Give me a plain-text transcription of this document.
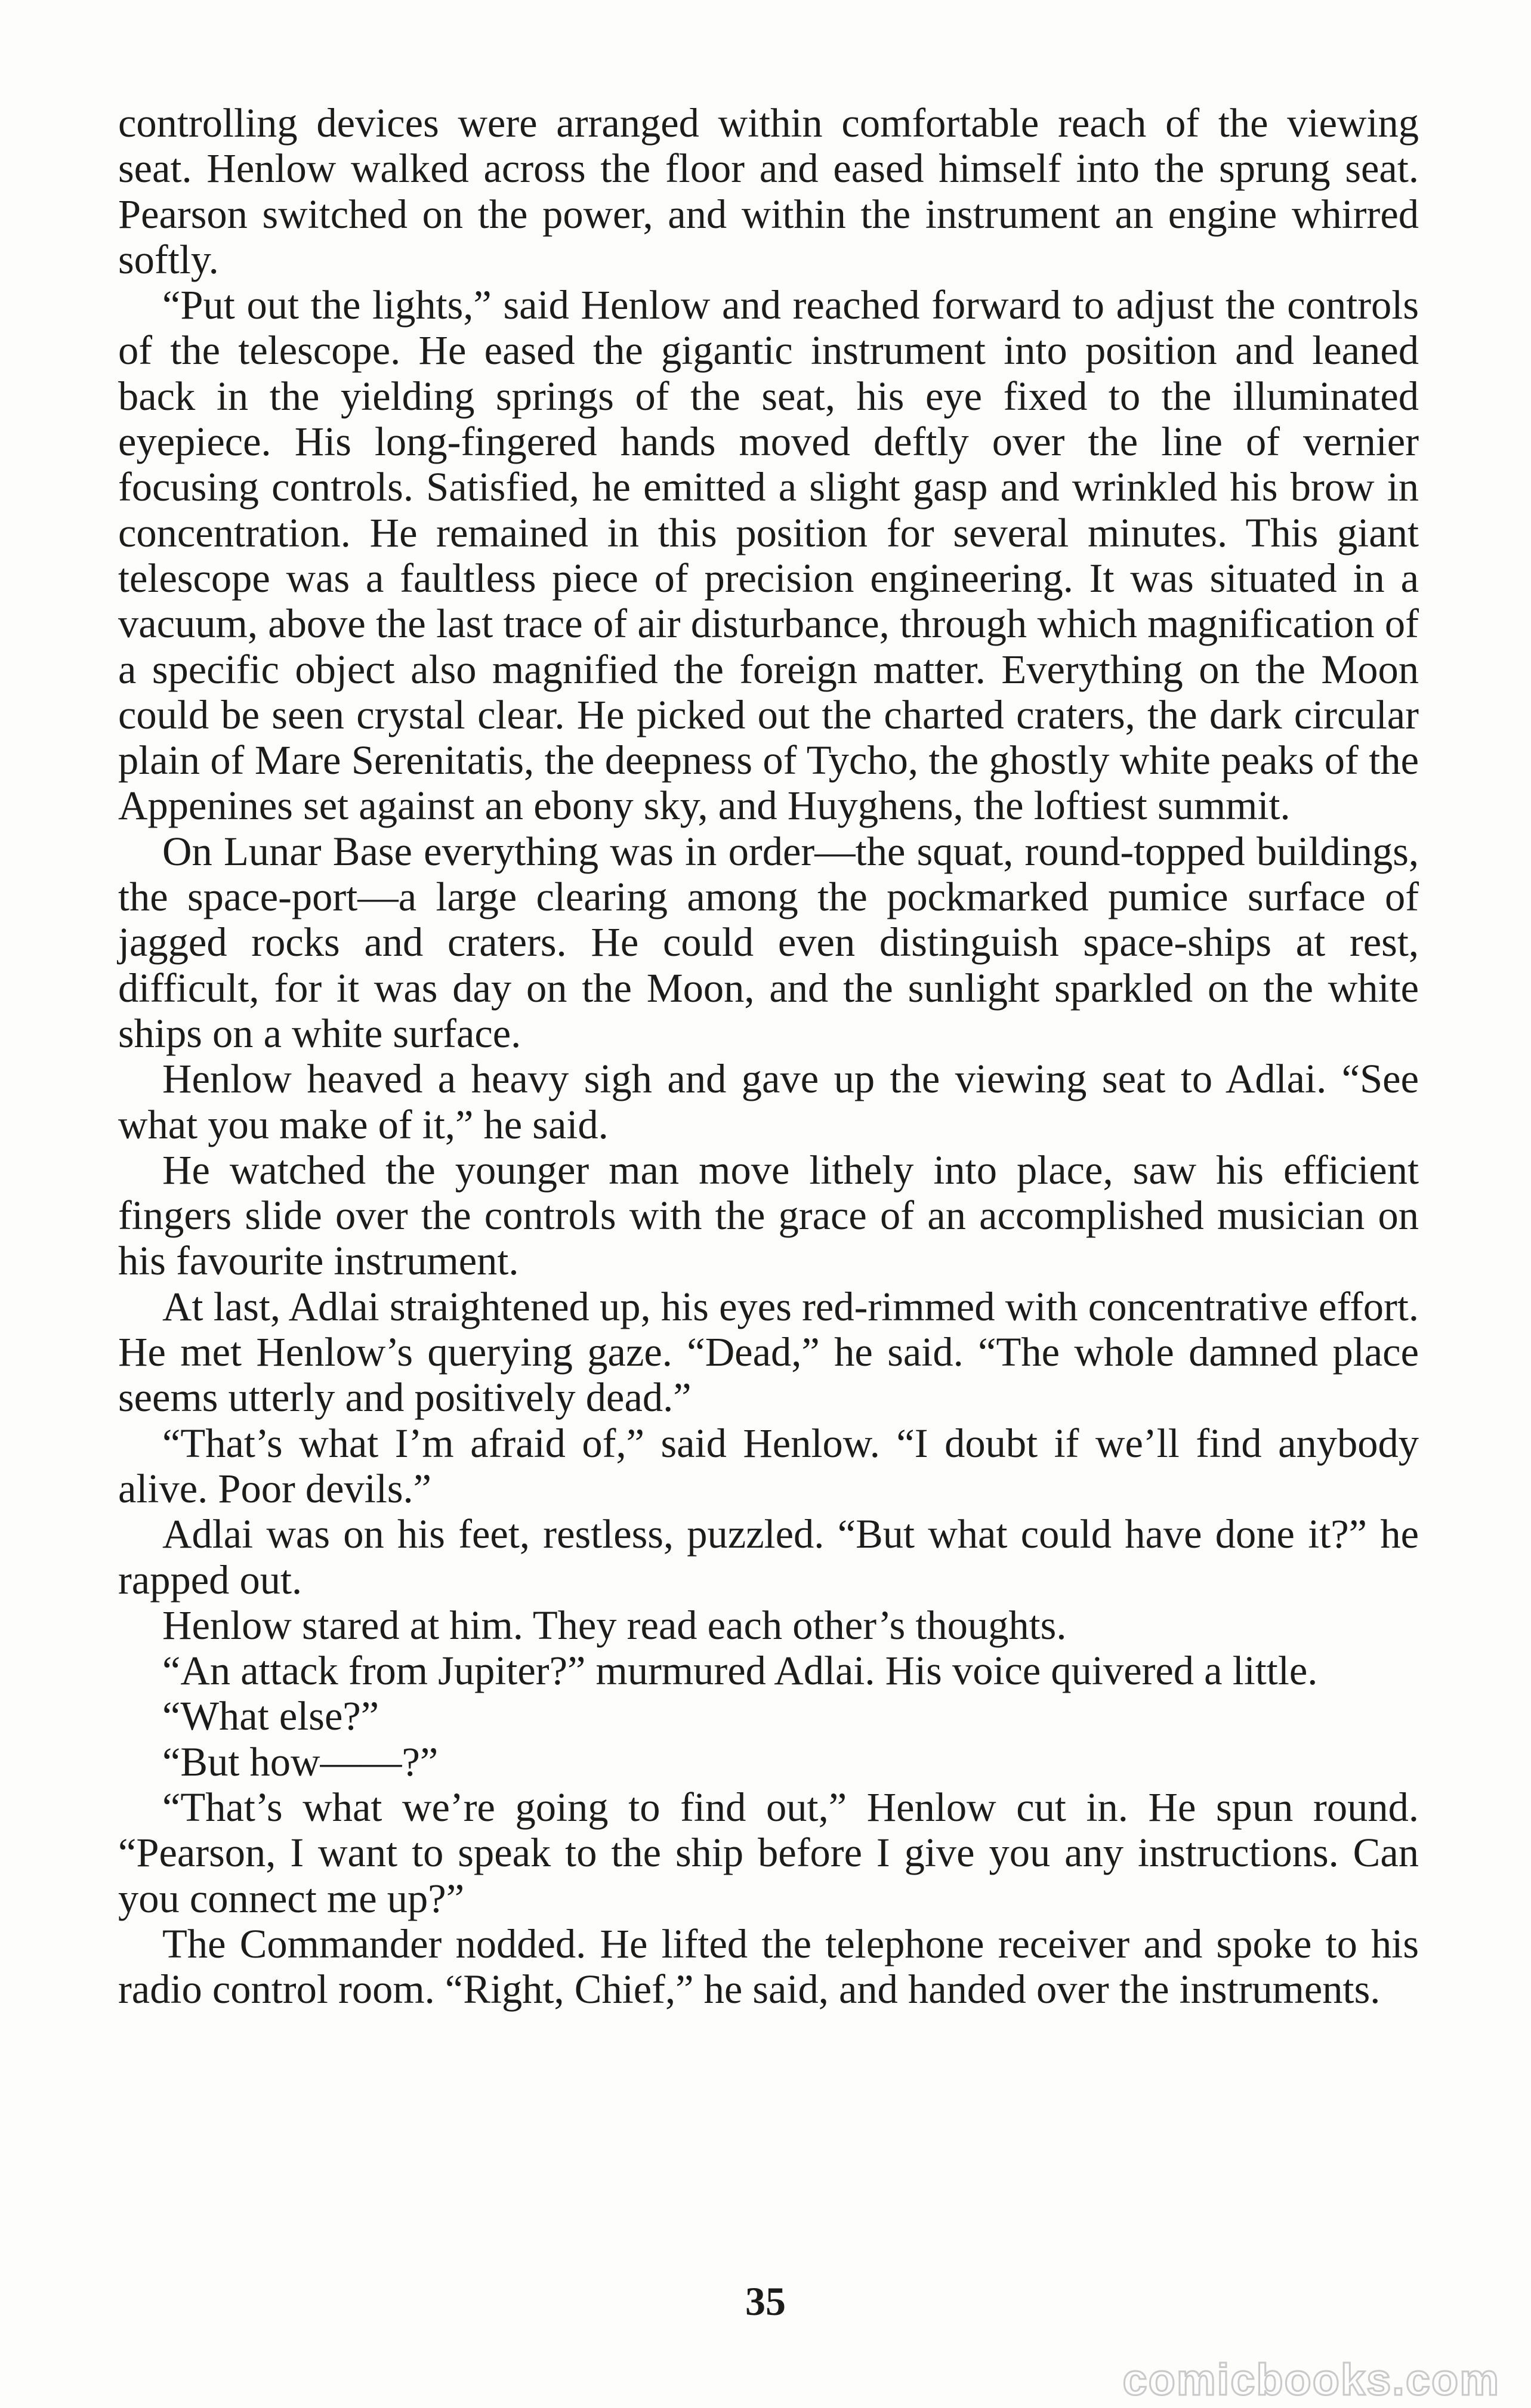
controlling devices were arranged within comfortable reach of the viewing seat. Henlow walked across the floor and eased himself into the sprung seat. Pearson switched on the power, and within the instrument an engine whirred softly.

“Put out the lights,” said Henlow and reached forward to adjust the controls of the telescope. He eased the gigantic instrument into position and leaned back in the yielding springs of the seat, his eye fixed to the illuminated eyepiece. His long-fingered hands moved deftly over the line of vernier focusing controls. Satisfied, he emitted a slight gasp and wrinkled his brow in concentration. He remained in this position for several minutes. This giant telescope was a faultless piece of precision engineering. It was situated in a vacuum, above the last trace of air disturbance, through which magnification of a specific object also magnified the foreign matter. Everything on the Moon could be seen crystal clear. He picked out the charted craters, the dark circular plain of Mare Serenitatis, the deepness of Tycho, the ghostly white peaks of the Appenines set against an ebony sky, and Huyghens, the loftiest summit.

On Lunar Base everything was in order—the squat, round-topped buildings, the space-port—a large clearing among the pockmarked pumice surface of jagged rocks and craters. He could even distinguish space-ships at rest, difficult, for it was day on the Moon, and the sunlight sparkled on the white ships on a white surface.

Henlow heaved a heavy sigh and gave up the viewing seat to Adlai. “See what you make of it,” he said.

He watched the younger man move lithely into place, saw his efficient fingers slide over the controls with the grace of an accomplished musician on his favourite instrument.

At last, Adlai straightened up, his eyes red-rimmed with concentrative effort. He met Henlow’s querying gaze. “Dead,” he said. “The whole damned place seems utterly and positively dead.”

“That’s what I’m afraid of,” said Henlow. “I doubt if we’ll find anybody alive. Poor devils.”

Adlai was on his feet, restless, puzzled. “But what could have done it?” he rapped out.

Henlow stared at him. They read each other’s thoughts.

“An attack from Jupiter?” murmured Adlai. His voice quivered a little.

“What else?”

“But how——?”

“That’s what we’re going to find out,” Henlow cut in. He spun round. “Pearson, I want to speak to the ship before I give you any instructions. Can you connect me up?”

The Commander nodded. He lifted the telephone receiver and spoke to his radio control room. “Right, Chief,” he said, and handed over the instruments.

35
comicbooks.com
